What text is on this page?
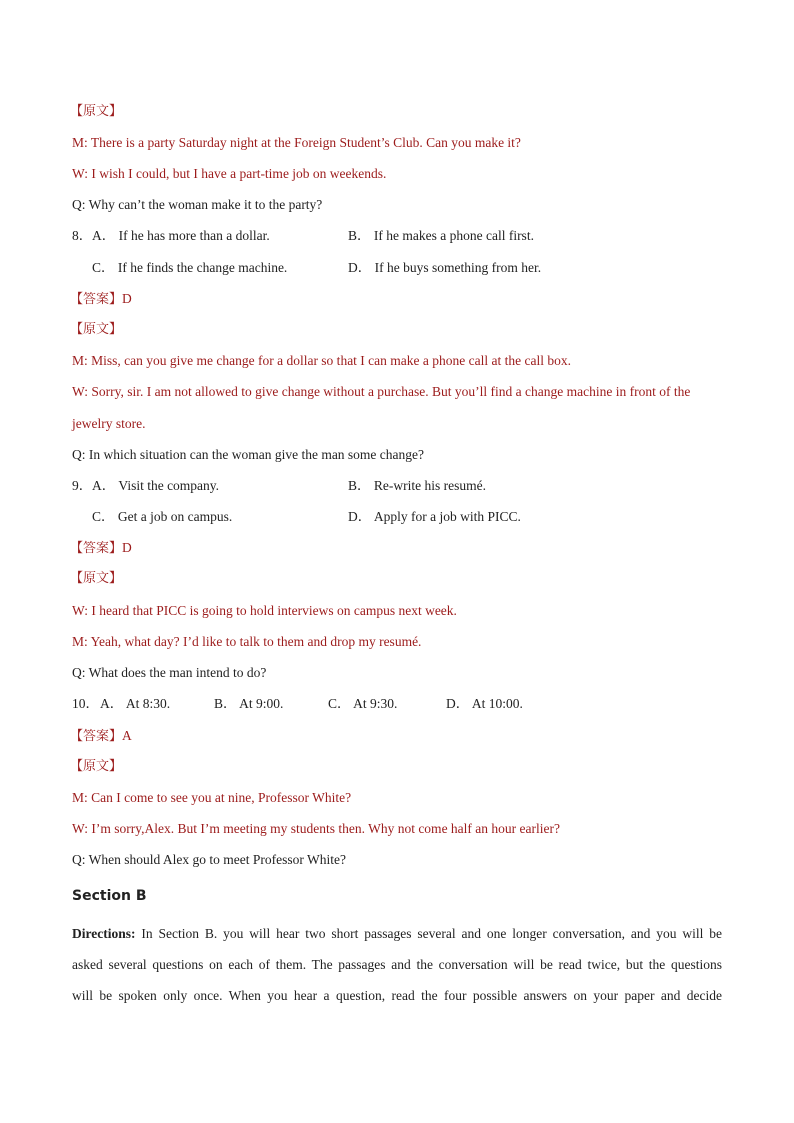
【原文】
M: There is a party Saturday night at the Foreign Student’s Club. Can you make it?
W: I wish I could, but I have a part-time job on weekends.
Q: Why can’t the woman make it to the party?
8． A． If he has more than a dollar.	B． If he makes a phone call first.
C． If he finds the change machine.	D． If he buys something from her.
【答案】D
【原文】
M: Miss, can you give me change for a dollar so that I can make a phone call at the call box.
W: Sorry, sir. I am not allowed to give change without a purchase. But you’ll find a change machine in front of the
jewelry store.
Q: In which situation can the woman give the man some change?
9． A． Visit the company.	B． Re-write his resumé.
C． Get a job on campus.	D． Apply for a job with PICC.
【答案】D
【原文】
W: I heard that PICC is going to hold interviews on campus next week.
M: Yeah, what day? I’d like to talk to them and drop my resumé.
Q: What does the man intend to do?
10． A． At 8:30.	B． At 9:00.	C． At 9:30.	D． At 10:00.
【答案】A
【原文】
M: Can I come to see you at nine, Professor White?
W: I’m sorry,Alex. But I’m meeting my students then. Why not come half an hour earlier?
Q: When should Alex go to meet Professor White?
Section B
Directions: In Section B. you will hear two short passages several and one longer conversation, and you will be
asked several questions on each of them. The passages and the conversation will be read twice, but the questions
will be spoken only once. When you hear a question, read the four possible answers on your paper and decide
